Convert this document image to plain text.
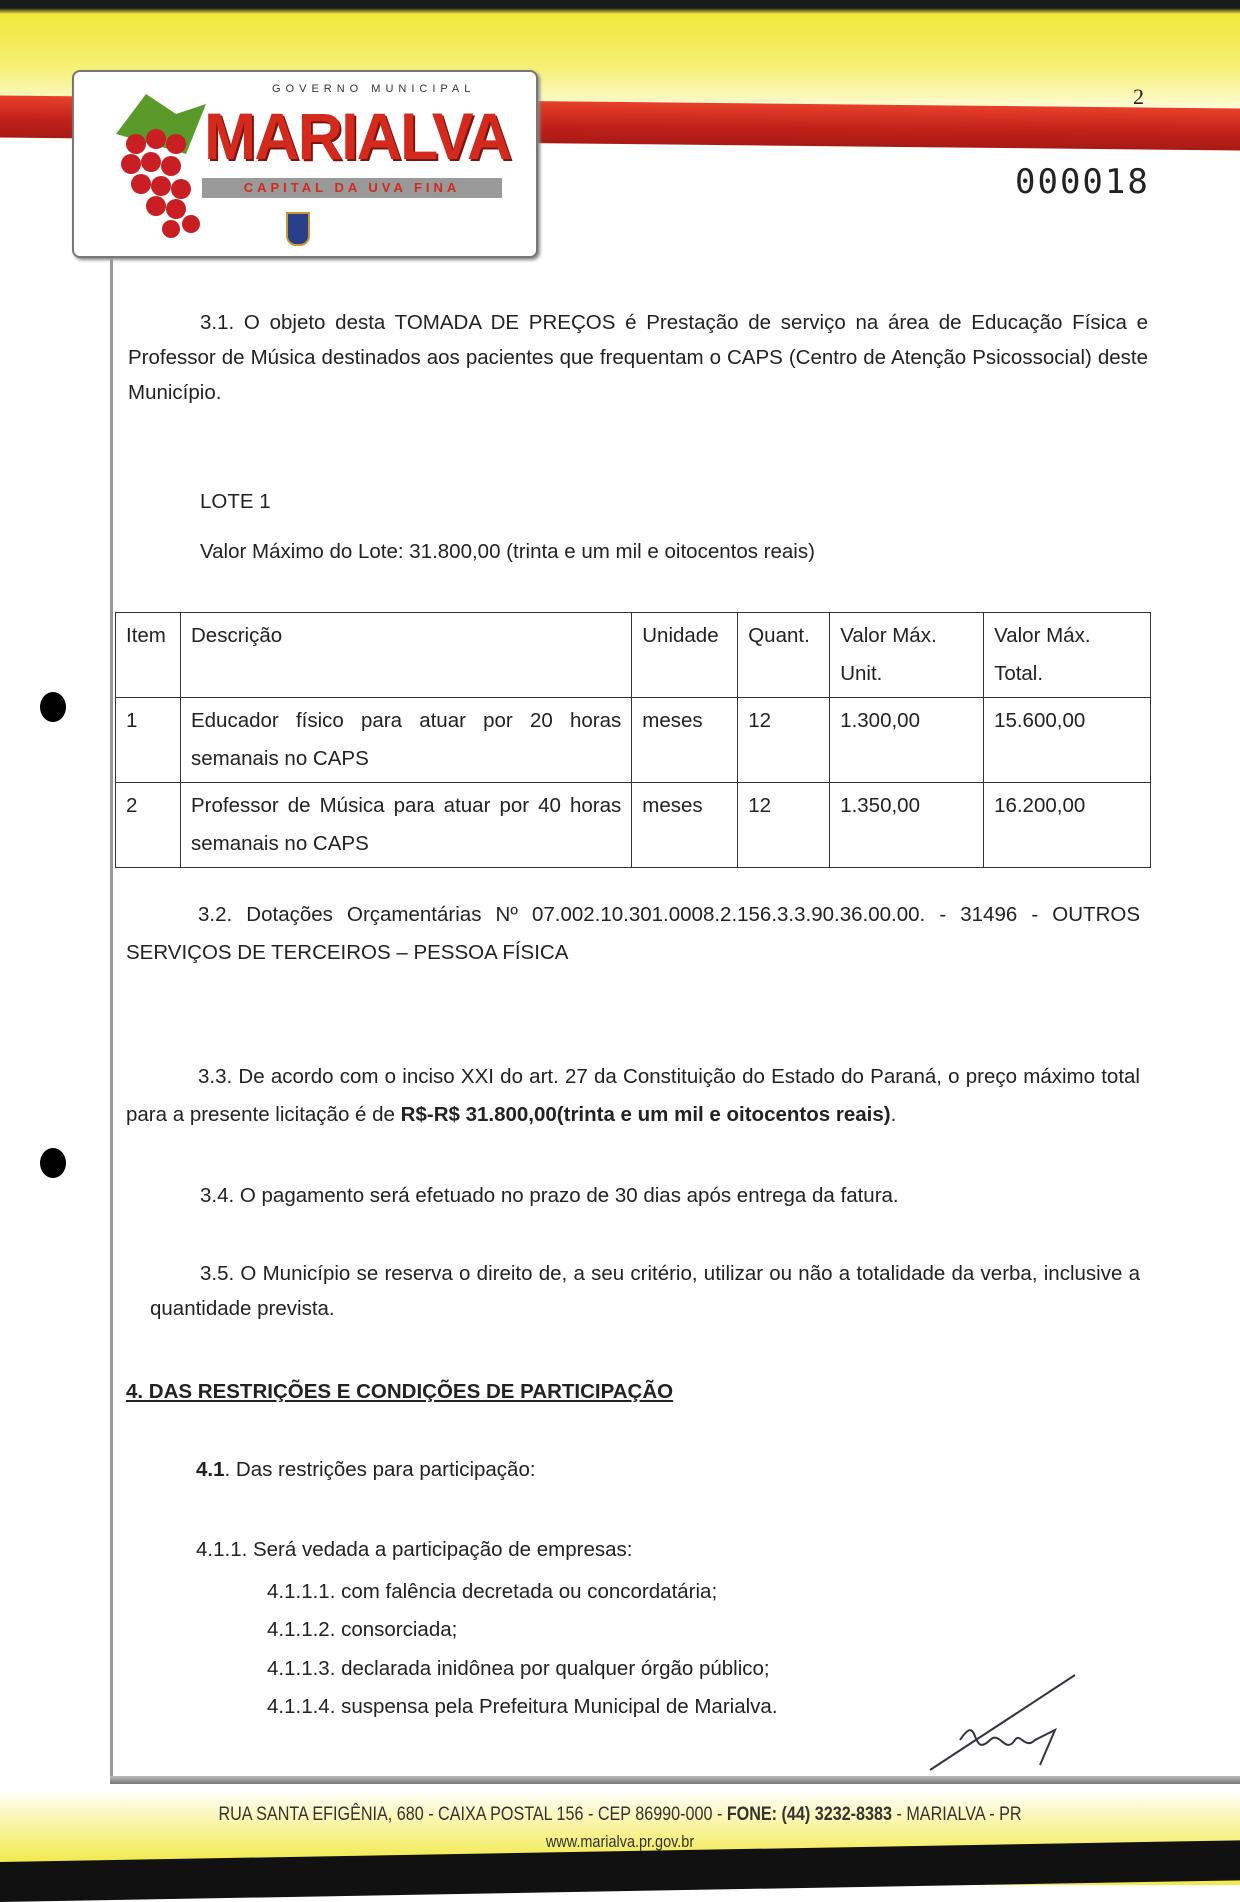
GOVERNO MUNICIPAL
MARIALVA
CAPITAL DA UVA FINA
2
000018
3.1. O objeto desta TOMADA DE PREÇOS é Prestação de serviço na área de Educação Física e Professor de Música destinados aos pacientes que frequentam o CAPS (Centro de Atenção Psicossocial) deste Município.
LOTE 1
Valor Máximo do Lote: 31.800,00 (trinta e um mil e oitocentos reais)
Item	Descrição	Unidade	Quant.	Valor Máx. Unit.	Valor Máx. Total.
1	Educador físico para atuar por 20 horas semanais no CAPS	meses	12	1.300,00	15.600,00
2	Professor de Música para atuar por 40 horas semanais no CAPS	meses	12	1.350,00	16.200,00
3.2. Dotações Orçamentárias Nº 07.002.10.301.0008.2.156.3.3.90.36.00.00. - 31496 - OUTROS SERVIÇOS DE TERCEIROS – PESSOA FÍSICA
3.3. De acordo com o inciso XXI do art. 27 da Constituição do Estado do Paraná, o preço máximo total para a presente licitação é de R$-R$ 31.800,00(trinta e um mil e oitocentos reais).
3.4. O pagamento será efetuado no prazo de 30 dias após entrega da fatura.
3.5. O Município se reserva o direito de, a seu critério, utilizar ou não a totalidade da verba, inclusive a quantidade prevista.
4. DAS RESTRIÇÕES E CONDIÇÕES DE PARTICIPAÇÃO
4.1. Das restrições para participação:
4.1.1. Será vedada a participação de empresas:
4.1.1.1. com falência decretada ou concordatária;
4.1.1.2. consorciada;
4.1.1.3. declarada inidônea por qualquer órgão público;
4.1.1.4. suspensa pela Prefeitura Municipal de Marialva.
RUA SANTA EFIGÊNIA, 680 - CAIXA POSTAL 156 - CEP 86990-000 - FONE: (44) 3232-8383 - MARIALVA - PR
www.marialva.pr.gov.br
